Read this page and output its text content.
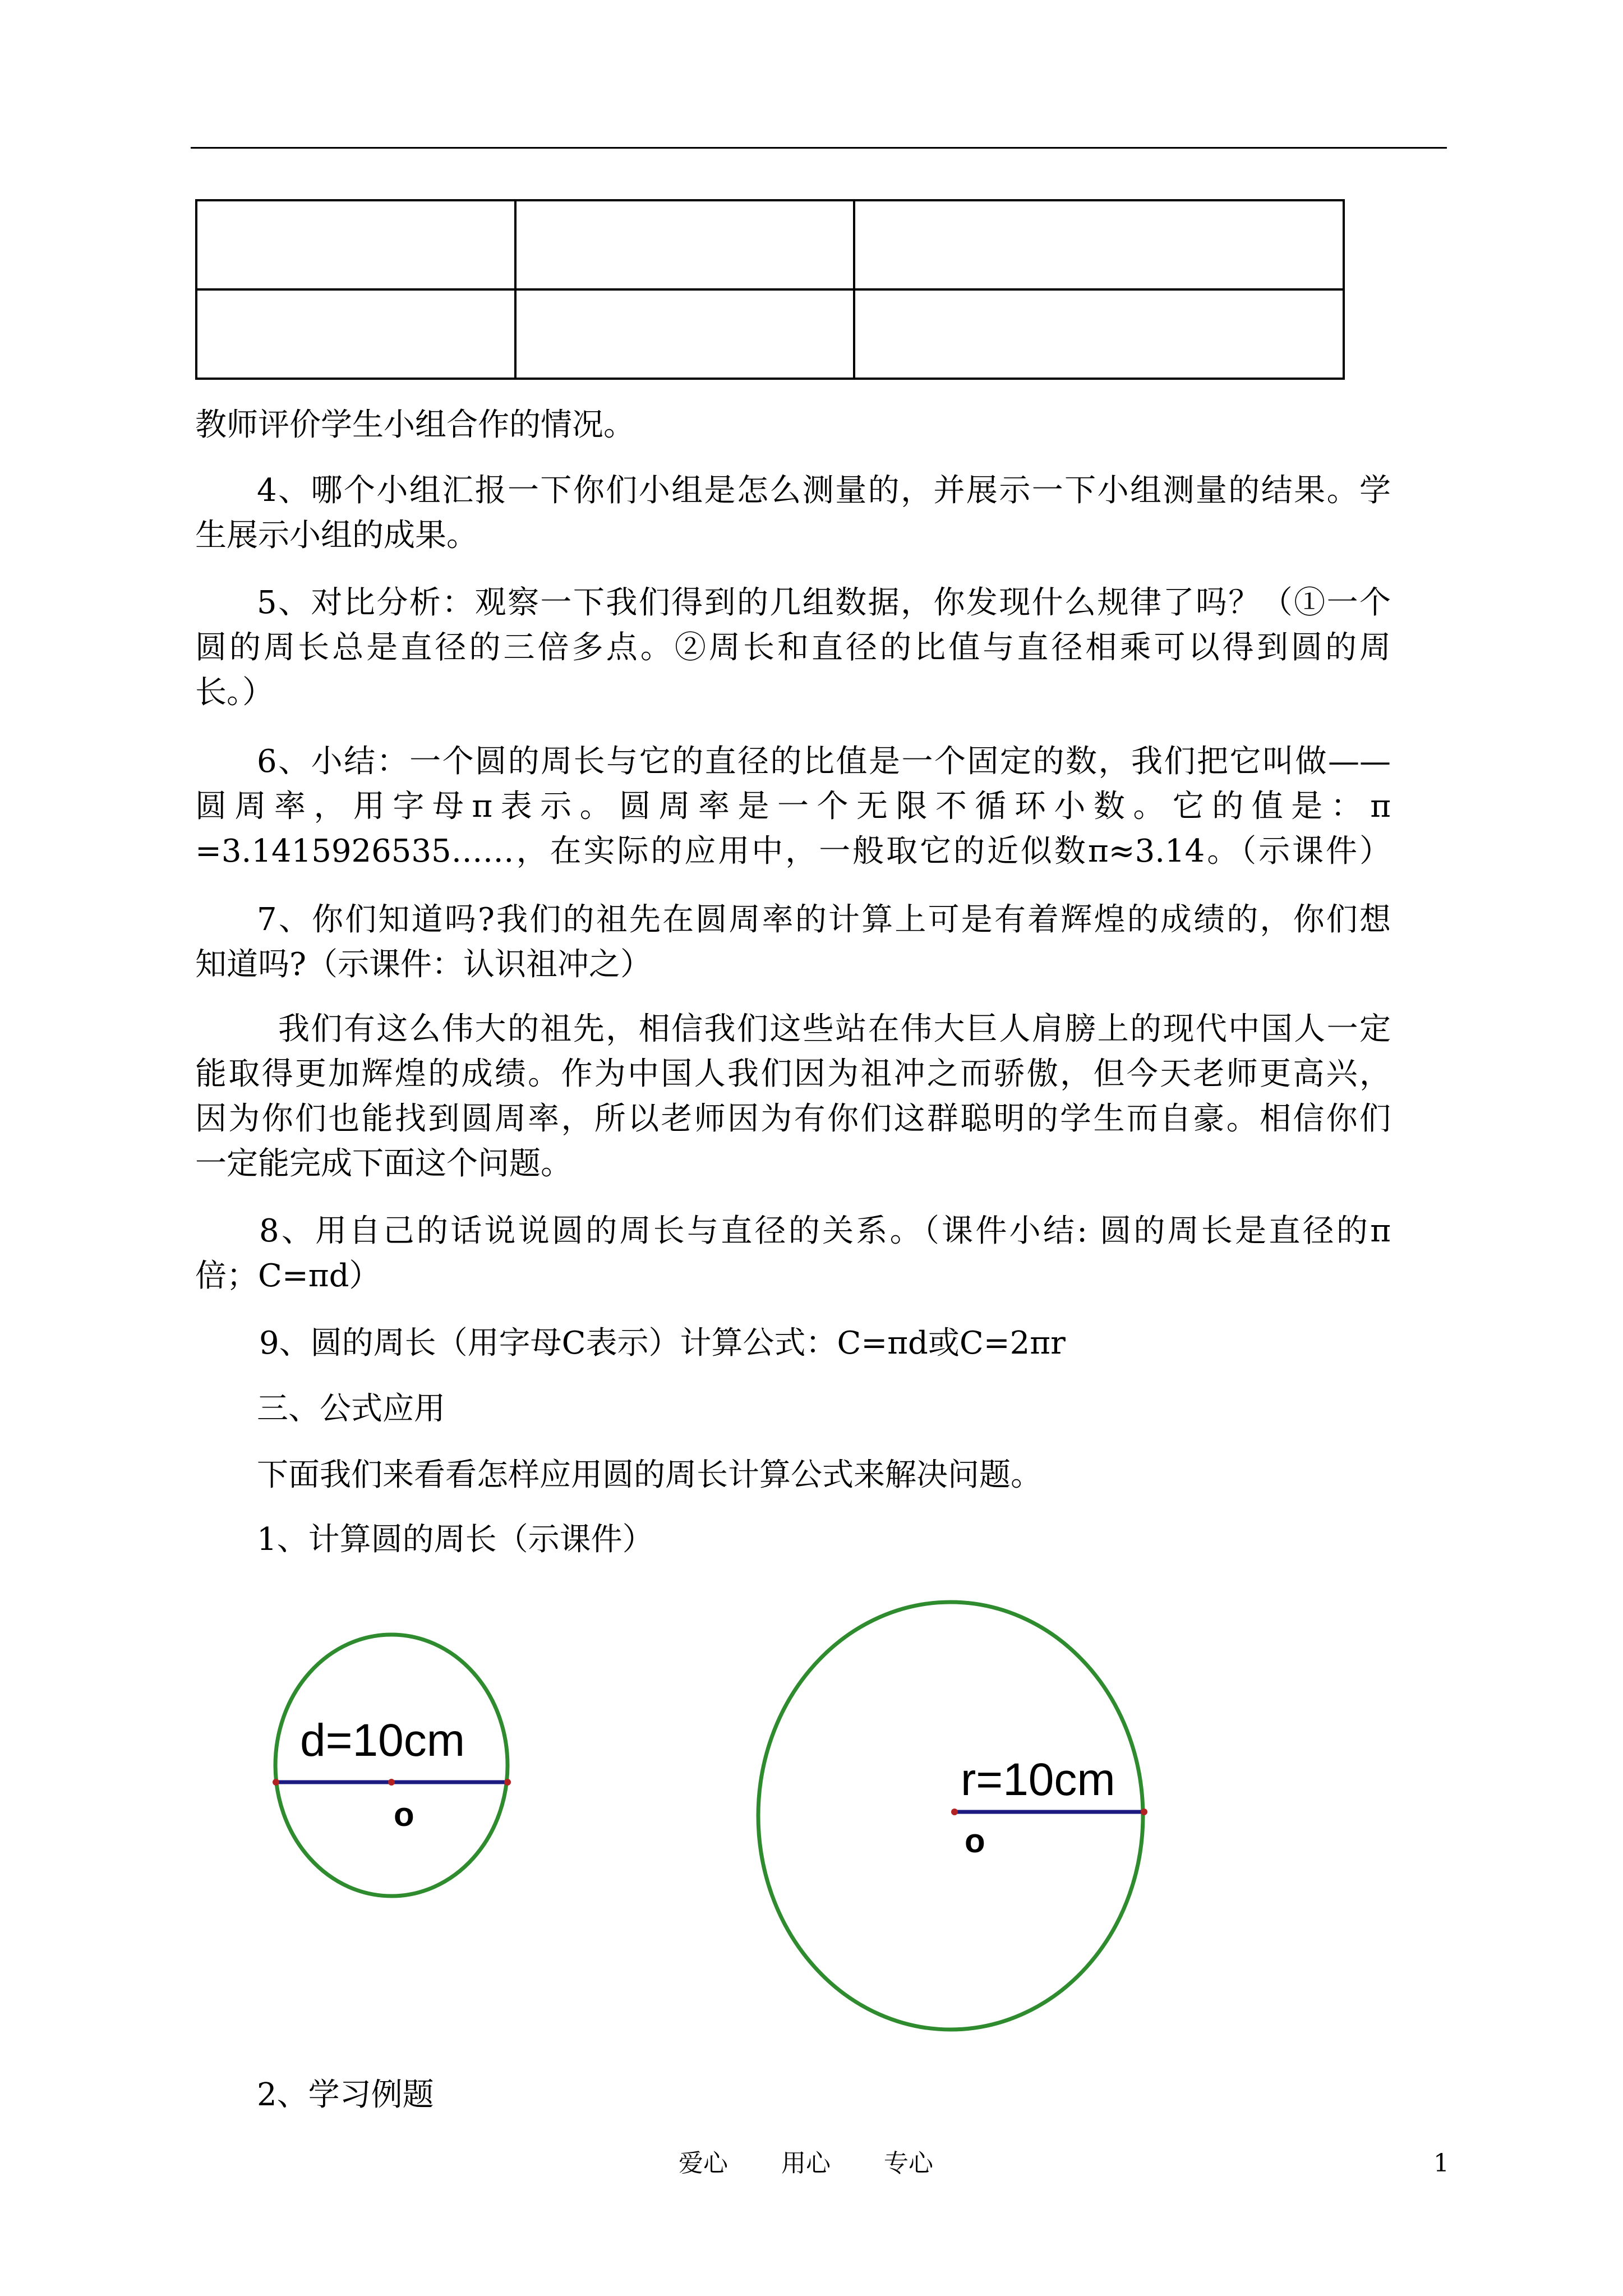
教师评价学生小组合作的情况。

4、哪个小组汇报一下你们小组是怎么测量的，并展示一下小组测量的结果。学

生展示小组的成果。

5、对比分析：观察一下我们得到的几组数据，你发现什么规律了吗？（①一个

圆的周长总是直径的三倍多点。②周长和直径的比值与直径相乘可以得到圆的周

长。）

6、小结：一个圆的周长与它的直径的比值是一个固定的数，我们把它叫做——

圆周率，用字母π表示。圆周率是一个无限不循环小数。它的值是：π

=3.1415926535……，在实际的应用中，一般取它的近似数π≈3.14。（示课件）

7、你们知道吗?我们的祖先在圆周率的计算上可是有着辉煌的成绩的，你们想

知道吗?（示课件：认识祖冲之）

我们有这么伟大的祖先，相信我们这些站在伟大巨人肩膀上的现代中国人一定

能取得更加辉煌的成绩。作为中国人我们因为祖冲之而骄傲，但今天老师更高兴，

因为你们也能找到圆周率，所以老师因为有你们这群聪明的学生而自豪。相信你们

一定能完成下面这个问题。

8、用自己的话说说圆的周长与直径的关系。（课件小结: 圆的周长是直径的π

倍；C=πd）

9、圆的周长（用字母C表示）计算公式：C=πd或C=2πr

三、公式应用

下面我们来看看怎样应用圆的周长计算公式来解决问题。

1、计算圆的周长（示课件）

d=10cm
o
r=10cm
o

2、学习例题

爱心 用心 专心	1
